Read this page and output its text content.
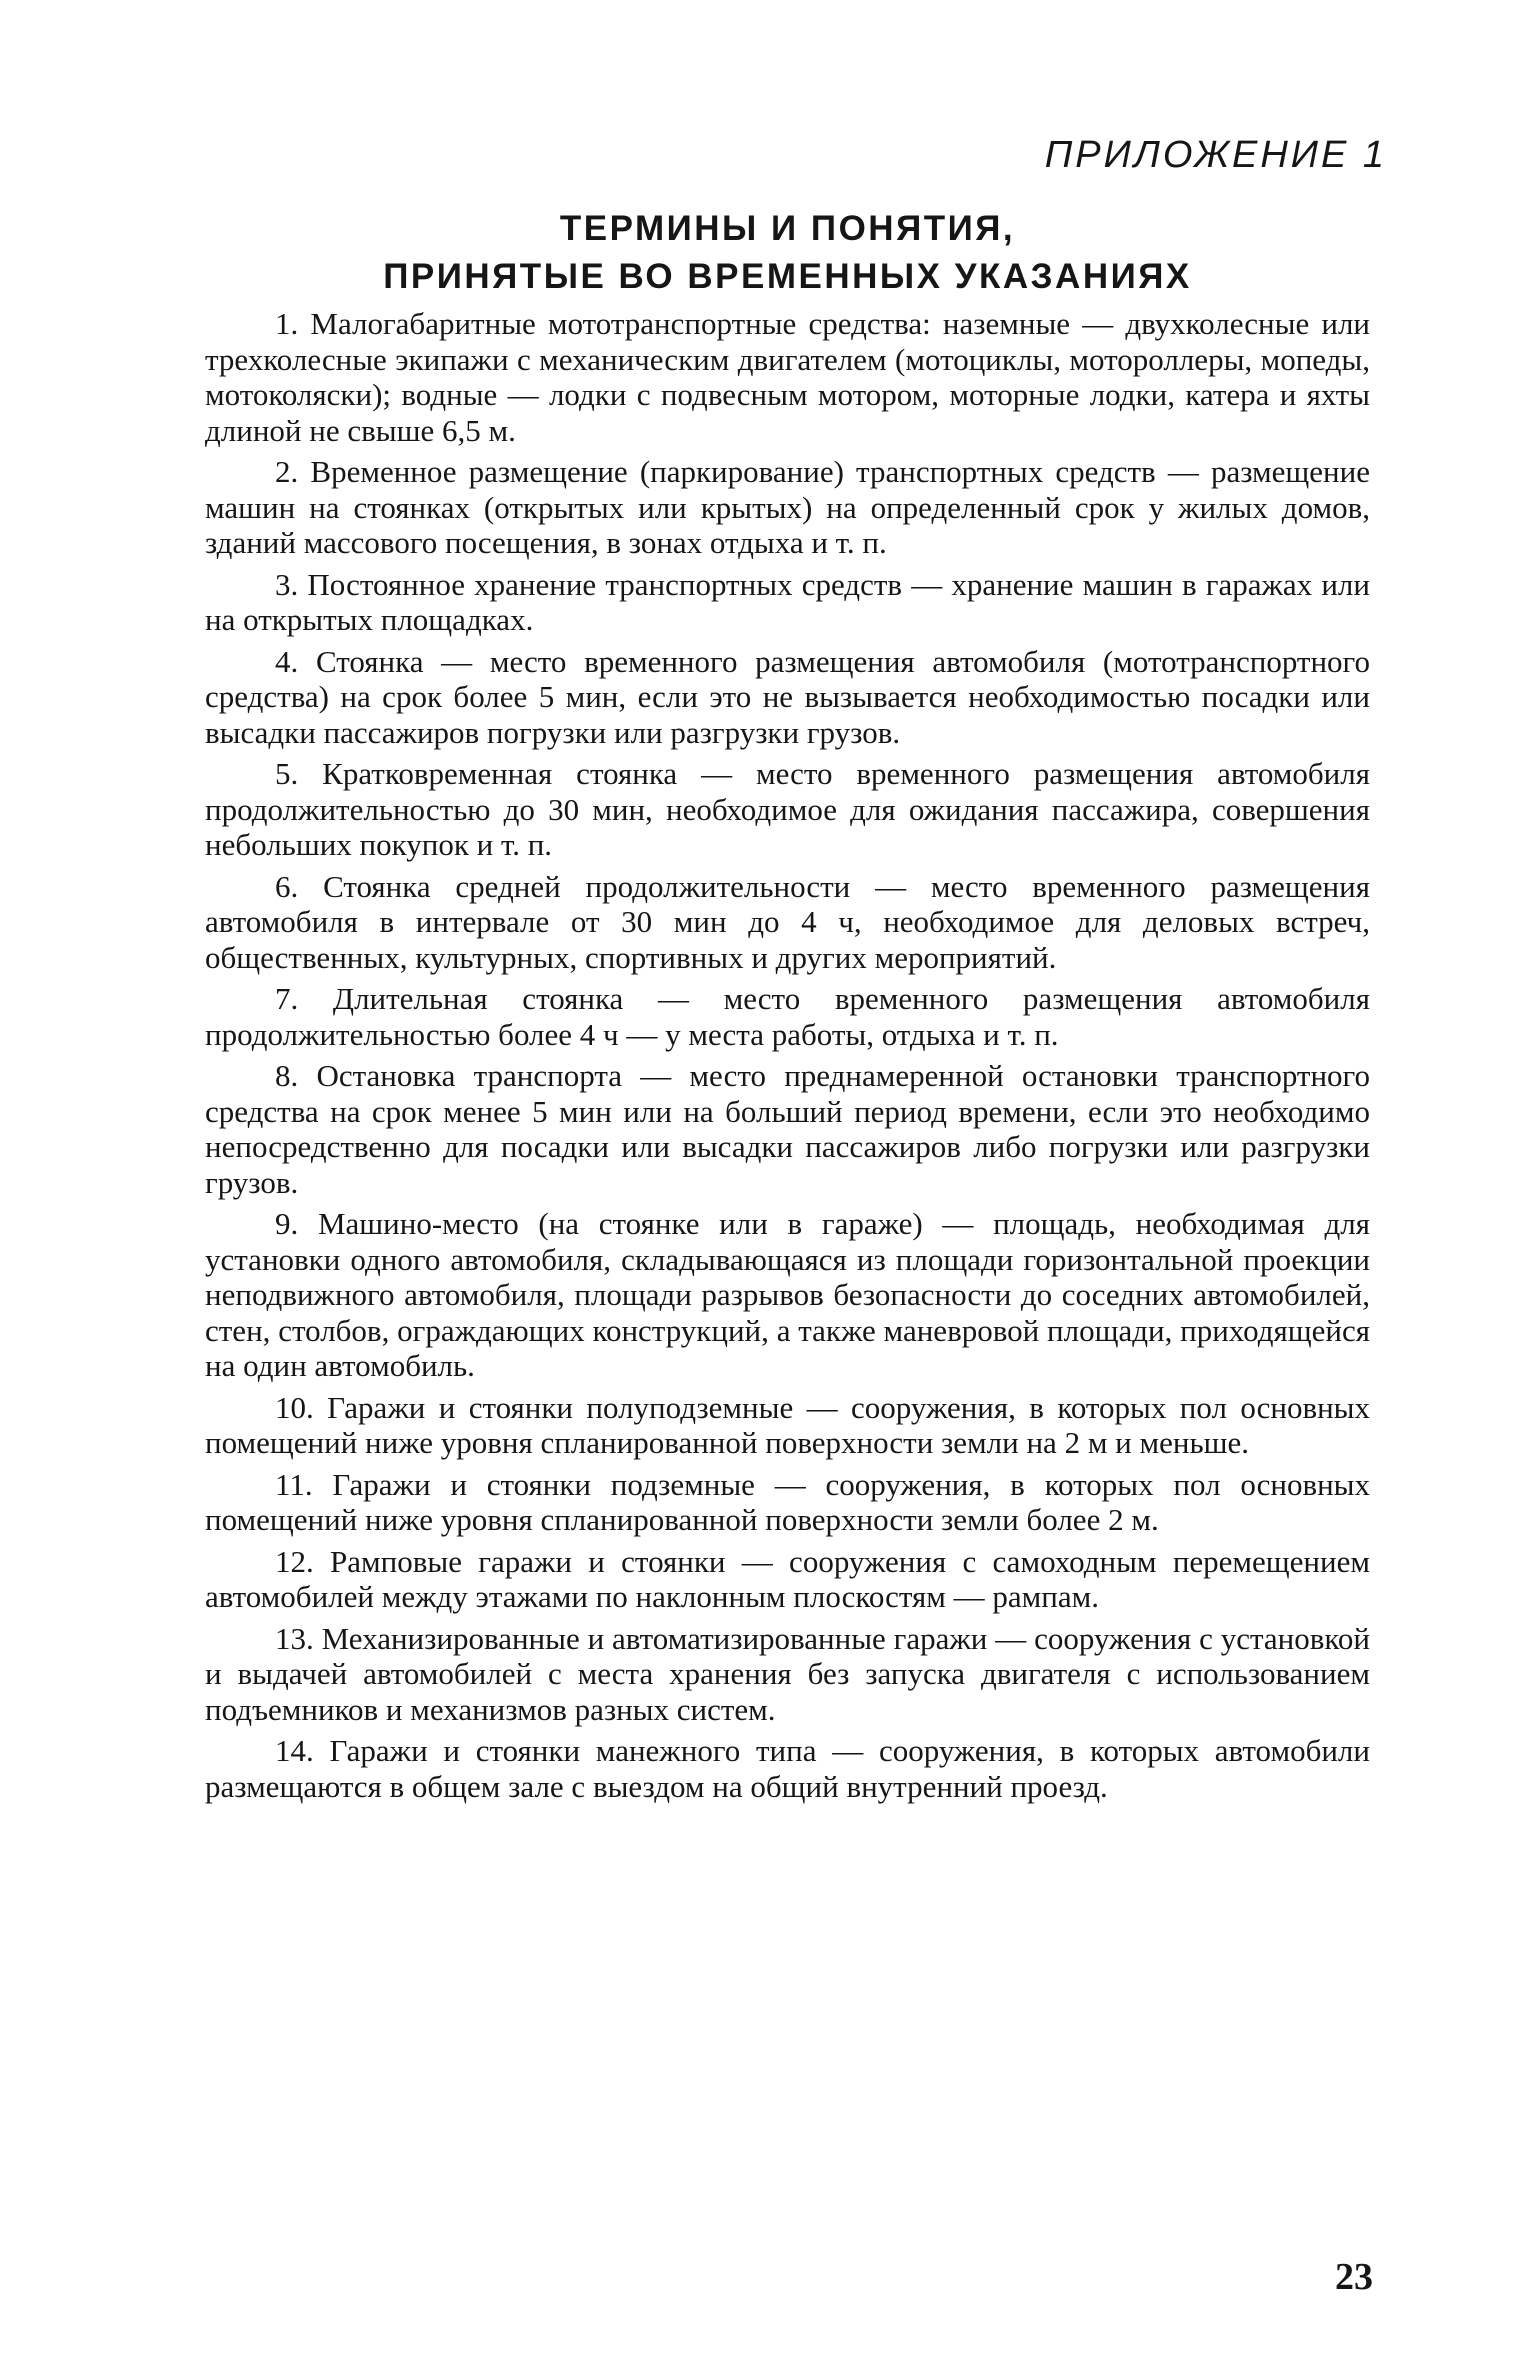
ПРИЛОЖЕНИЕ 1
ТЕРМИНЫ И ПОНЯТИЯ,
ПРИНЯТЫЕ ВО ВРЕМЕННЫХ УКАЗАНИЯХ

1. Малогабаритные мототранспортные средства: наземные — двухколесные или трехколесные экипажи с механическим двигателем (мотоциклы, мотороллеры, мопеды, мотоколяски); водные — лодки с подвесным мотором, моторные лодки, катера и яхты длиной не свыше 6,5 м.

2. Временное размещение (паркирование) транспортных средств — размещение машин на стоянках (открытых или крытых) на определенный срок у жилых домов, зданий массового посещения, в зонах отдыха и т. п.

3. Постоянное хранение транспортных средств — хранение машин в гаражах или на открытых площадках.

4. Стоянка — место временного размещения автомобиля (мототранспортного средства) на срок более 5 мин, если это не вызывается необходимостью посадки или высадки пассажиров погрузки или разгрузки грузов.

5. Кратковременная стоянка — место временного размещения автомобиля продолжительностью до 30 мин, необходимое для ожидания пассажира, совершения небольших покупок и т. п.

6. Стоянка средней продолжительности — место временного размещения автомобиля в интервале от 30 мин до 4 ч, необходимое для деловых встреч, общественных, культурных, спортивных и других мероприятий.

7. Длительная стоянка — место временного размещения автомобиля продолжительностью более 4 ч — у места работы, отдыха и т. п.

8. Остановка транспорта — место преднамеренной остановки транспортного средства на срок менее 5 мин или на больший период времени, если это необходимо непосредственно для посадки или высадки пассажиров либо погрузки или разгрузки грузов.

9. Машино-место (на стоянке или в гараже) — площадь, необходимая для установки одного автомобиля, складывающаяся из площади горизонтальной проекции неподвижного автомобиля, площади разрывов безопасности до соседних автомобилей, стен, столбов, ограждающих конструкций, а также маневровой площади, приходящейся на один автомобиль.

10. Гаражи и стоянки полуподземные — сооружения, в которых пол основных помещений ниже уровня спланированной поверхности земли на 2 м и меньше.

11. Гаражи и стоянки подземные — сооружения, в которых пол основных помещений ниже уровня спланированной поверхности земли более 2 м.

12. Рамповые гаражи и стоянки — сооружения с самоходным перемещением автомобилей между этажами по наклонным плоскостям — рампам.

13. Механизированные и автоматизированные гаражи — сооружения с установкой и выдачей автомобилей с места хранения без запуска двигателя с использованием подъемников и механизмов разных систем.

14. Гаражи и стоянки манежного типа — сооружения, в которых автомобили размещаются в общем зале с выездом на общий внутренний проезд.

23
